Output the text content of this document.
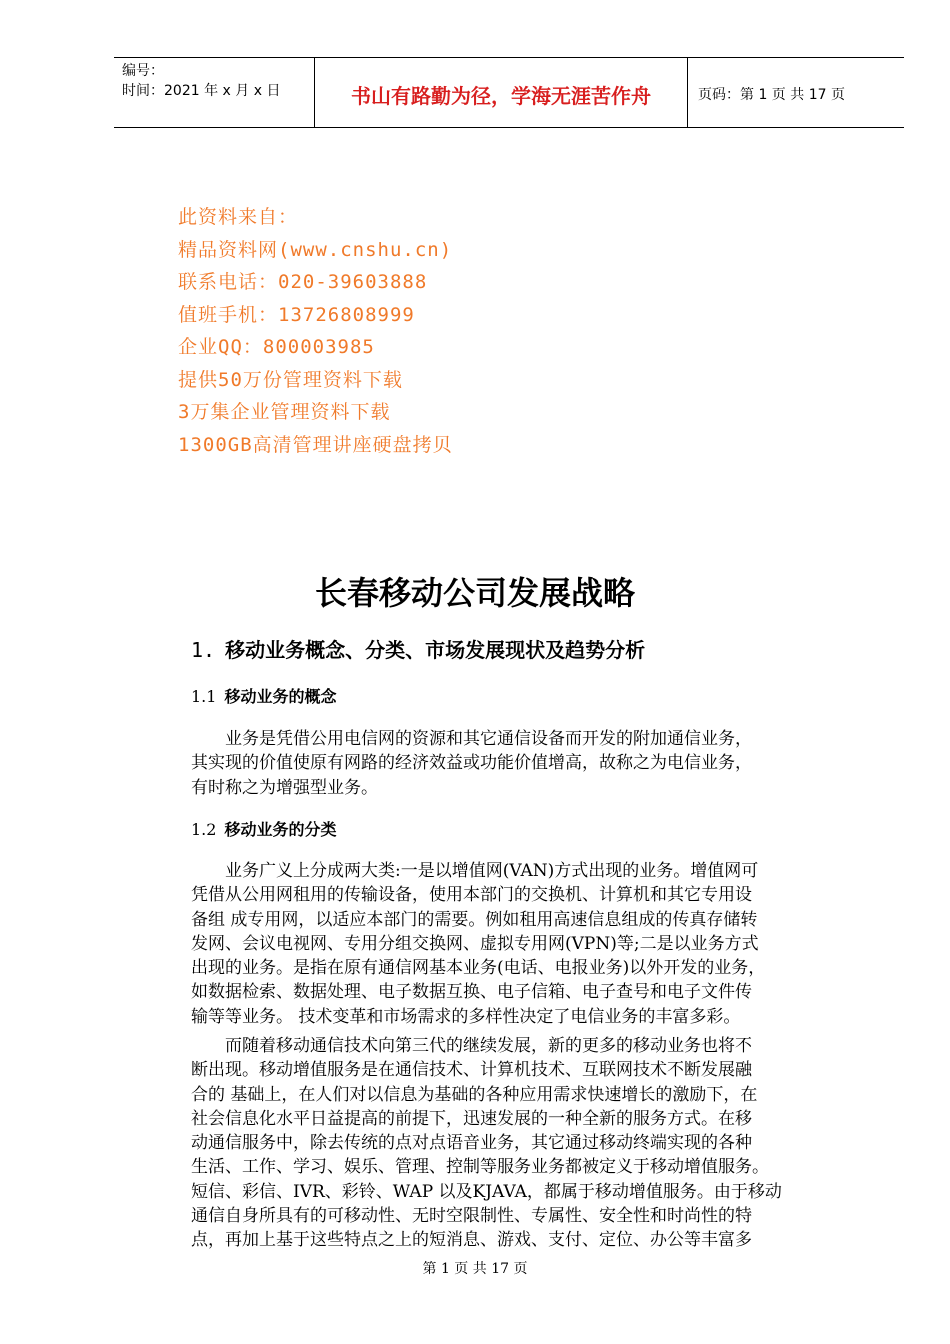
编号：
时间：2021 年 x 月 x 日	书山有路勤为径，学海无涯苦作舟	页码：第 1 页 共 17 页
此资料来自：
精品资料网(www.cnshu.cn)
联系电话：020-39603888
值班手机：13726808999
企业QQ：800003985
提供50万份管理资料下载
3万集企业管理资料下载
1300GB高清管理讲座硬盘拷贝
长春移动公司发展战略
1. 移动业务概念、分类、市场发展现状及趋势分析
1.1 移动业务的概念
　　业务是凭借公用电信网的资源和其它通信设备而开发的附加通信业务，
其实现的价值使原有网路的经济效益或功能价值增高，故称之为电信业务，
有时称之为增强型业务。
1.2 移动业务的分类
　　业务广义上分成两大类:一是以增值网(VAN)方式出现的业务。增值网可
凭借从公用网租用的传输设备，使用本部门的交换机、计算机和其它专用设
备组 成专用网，以适应本部门的需要。例如租用高速信息组成的传真存储转
发网、会议电视网、专用分组交换网、虚拟专用网(VPN)等;二是以业务方式
出现的业务。是指在原有通信网基本业务(电话、电报业务)以外开发的业务，
如数据检索、数据处理、电子数据互换、电子信箱、电子查号和电子文件传
输等等业务。 技术变革和市场需求的多样性决定了电信业务的丰富多彩。
　　而随着移动通信技术向第三代的继续发展，新的更多的移动业务也将不
断出现。移动增值服务是在通信技术、计算机技术、互联网技术不断发展融
合的 基础上，在人们对以信息为基础的各种应用需求快速增长的激励下，在
社会信息化水平日益提高的前提下，迅速发展的一种全新的服务方式。在移
动通信服务中，除去传统的点对点语音业务，其它通过移动终端实现的各种
生活、工作、学习、娱乐、管理、控制等服务业务都被定义于移动增值服务。
短信、彩信、IVR、彩铃、WAP 以及KJAVA，都属于移动增值服务。由于移动
通信自身所具有的可移动性、无时空限制性、专属性、安全性和时尚性的特
点，再加上基于这些特点之上的短消息、游戏、支付、定位、办公等丰富多
第 1 页 共 17 页
